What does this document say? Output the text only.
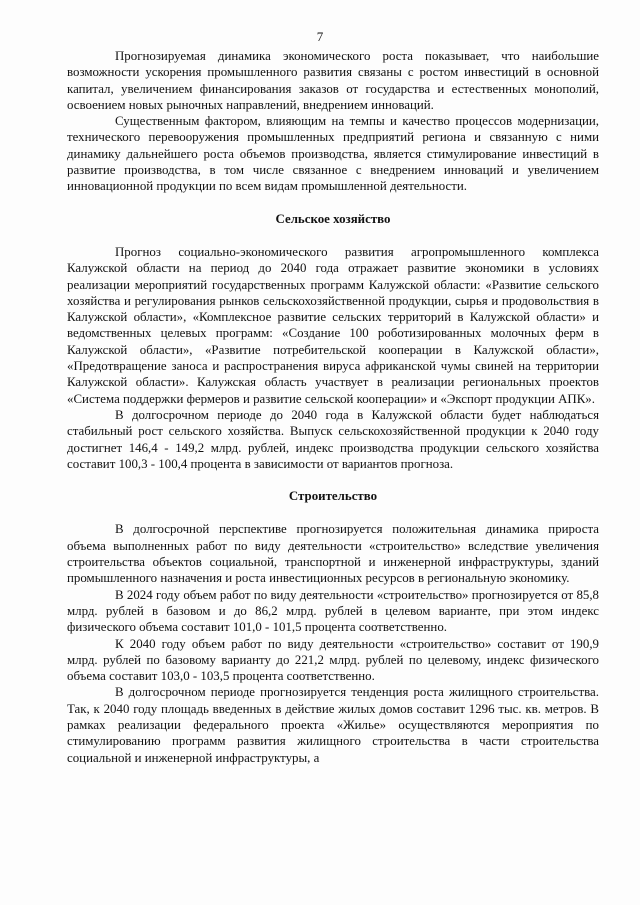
7

Прогнозируемая динамика экономического роста показывает, что наибольшие возможности ускорения промышленного развития связаны с ростом инвестиций в основной капитал, увеличением финансирования заказов от государства и естественных монополий, освоением новых рыночных направлений, внедрением инноваций.

Существенным фактором, влияющим на темпы и качество процессов модернизации, технического перевооружения промышленных предприятий региона и связанную с ними динамику дальнейшего роста объемов производства, является стимулирование инвестиций в развитие производства, в том числе связанное с внедрением инноваций и увеличением инновационной продукции по всем видам промышленной деятельности.

Сельское хозяйство

Прогноз социально-экономического развития агропромышленного комплекса Калужской области на период до 2040 года отражает развитие экономики в условиях реализации мероприятий государственных программ Калужской области: «Развитие сельского хозяйства и регулирования рынков сельскохозяйственной продукции, сырья и продовольствия в Калужской области», «Комплексное развитие сельских территорий в Калужской области» и ведомственных целевых программ: «Создание 100 роботизированных молочных ферм в Калужской области», «Развитие потребительской кооперации в Калужской области», «Предотвращение заноса и распространения вируса африканской чумы свиней на территории Калужской области». Калужская область участвует в реализации региональных проектов «Система поддержки фермеров и развитие сельской кооперации» и «Экспорт продукции АПК».

В долгосрочном периоде до 2040 года в Калужской области будет наблюдаться стабильный рост сельского хозяйства. Выпуск сельскохозяйственной продукции к 2040 году достигнет 146,4 - 149,2 млрд. рублей, индекс производства продукции сельского хозяйства составит 100,3 - 100,4 процента в зависимости от вариантов прогноза.

Строительство

В долгосрочной перспективе прогнозируется положительная динамика прироста объема выполненных работ по виду деятельности «строительство» вследствие увеличения строительства объектов социальной, транспортной и инженерной инфраструктуры, зданий промышленного назначения и роста инвестиционных ресурсов в региональную экономику.

В 2024 году объем работ по виду деятельности «строительство» прогнозируется от 85,8 млрд. рублей в базовом и до 86,2 млрд. рублей в целевом варианте, при этом индекс физического объема составит 101,0 - 101,5 процента соответственно.

К 2040 году объем работ по виду деятельности «строительство» составит от 190,9 млрд. рублей по базовому варианту до 221,2 млрд. рублей по целевому, индекс физического объема составит 103,0 - 103,5 процента соответственно.

В долгосрочном периоде прогнозируется тенденция роста жилищного строительства. Так, к 2040 году площадь введенных в действие жилых домов составит 1296 тыс. кв. метров. В рамках реализации федерального проекта «Жилье» осуществляются мероприятия по стимулированию программ развития жилищного строительства в части строительства социальной и инженерной инфраструктуры, а
